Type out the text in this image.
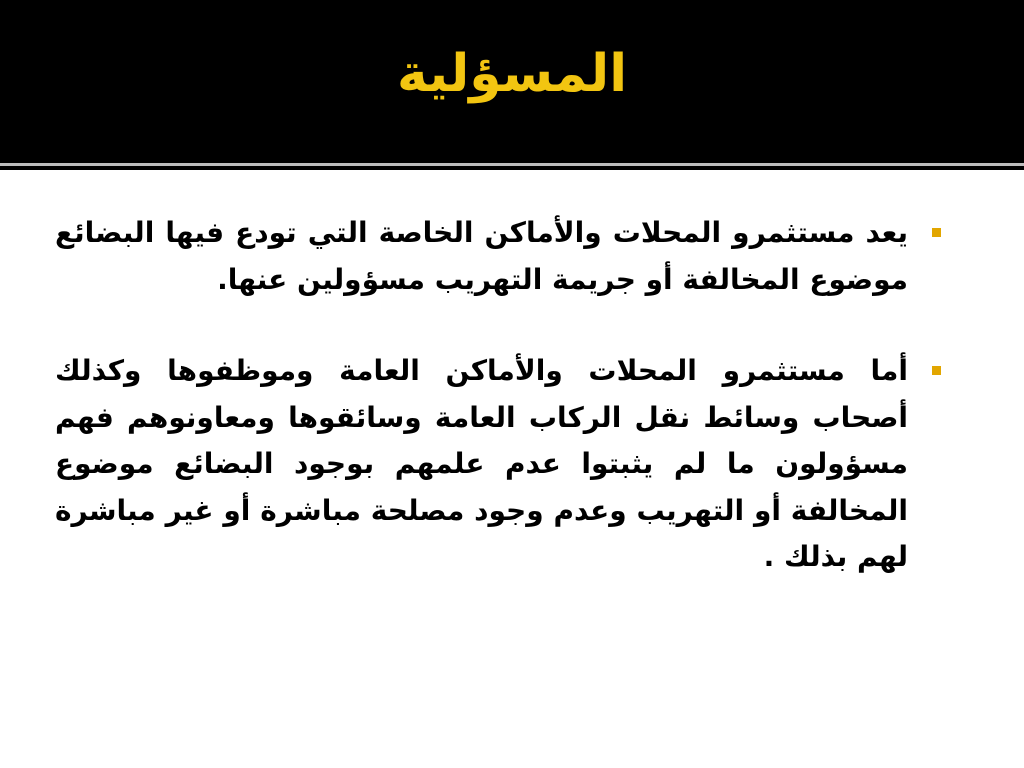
المسؤلية
يعد مستثمرو المحلات والأماكن الخاصة التي تودع فيها البضائع موضوع المخالفة أو جريمة التهريب مسؤولين عنها.
أما مستثمرو المحلات والأماكن العامة وموظفوها وكذلك أصحاب وسائط نقل الركاب العامة وسائقوها ومعاونوهم فهم مسؤولون ما لم يثبتوا عدم علمهم بوجود البضائع موضوع المخالفة أو التهريب وعدم وجود مصلحة مباشرة أو غير مباشرة لهم بذلك .
